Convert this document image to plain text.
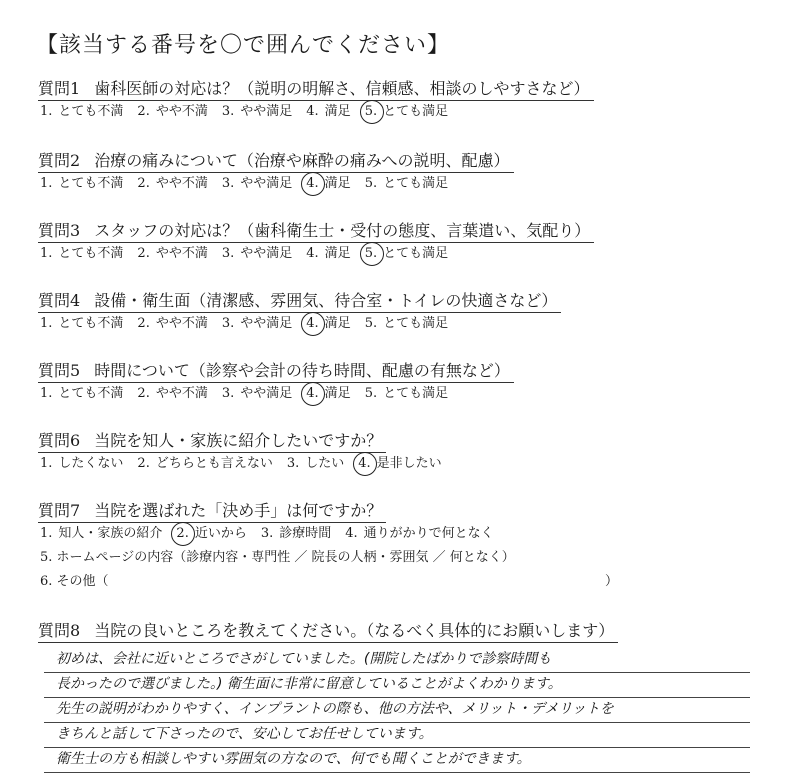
【該当する番号を〇で囲んでください】
質問1 歯科医師の対応は？（説明の明解さ、信頼感、相談のしやすさなど）
1. とても不満 2. やや不満 3. やや満足 4. 満足 5. とても満足
質問2 治療の痛みについて（治療や麻酔の痛みへの説明、配慮）
1. とても不満 2. やや不満 3. やや満足 4. 満足 5. とても満足
質問3 スタッフの対応は？（歯科衛生士・受付の態度、言葉遣い、気配り）
1. とても不満 2. やや不満 3. やや満足 4. 満足 5. とても満足
質問4 設備・衛生面（清潔感、雰囲気、待合室・トイレの快適さなど）
1. とても不満 2. やや不満 3. やや満足 4. 満足 5. とても満足
質問5 時間について（診察や会計の待ち時間、配慮の有無など）
1. とても不満 2. やや不満 3. やや満足 4. 満足 5. とても満足
質問6 当院を知人・家族に紹介したいですか？
1. したくない 2. どちらとも言えない 3. したい 4. 是非したい
質問7 当院を選ばれた「決め手」は何ですか？
1. 知人・家族の紹介 2. 近いから 3. 診療時間 4. 通りがかりで何となく
5. ホームページの内容（診療内容・専門性 ／ 院長の人柄・雰囲気 ／ 何となく）
6. その他（	）
質問8 当院の良いところを教えてください。（なるべく具体的にお願いします）
初めは、会社に近いところでさがしていました。(開院したばかりで診察時間も
長かったので選びました。) 衛生面に非常に留意していることがよくわかります。
先生の説明がわかりやすく、インプラントの際も、他の方法や、メリット・デメリットを
きちんと話して下さったので、安心してお任せしています。
衛生士の方も相談しやすい雰囲気の方なので、何でも聞くことができます。
